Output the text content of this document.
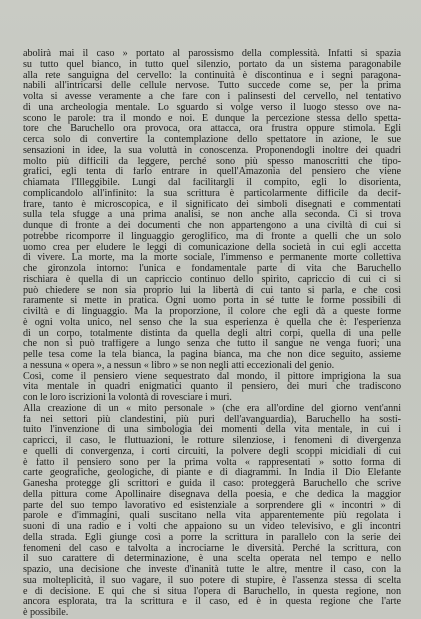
abolirà mai il caso » portato al parossismo della complessità. Infatti si spazia
su tutto quel bianco, in tutto quel silenzio, portato da un sistema paragonabile
alla rete sanguigna del cervello: la continuità è discontinua e i segni paragona-
nabili all'intricarsi delle cellule nervose. Tutto succede come se, per la prima
volta si avesse veramente a che fare con i palinsesti del cervello, nel tentativo
di una archeologia mentale. Lo sguardo si volge verso il luogo stesso ove na-
scono le parole: tra il mondo e noi. È dunque la percezione stessa dello spetta-
tore che Baruchello ora provoca, ora attacca, ora frustra oppure stimola. Egli
cerca solo di convertire la contemplazione dello spettatore in azione, le sue
sensazioni in idee, la sua voluttà in conoscenza. Proponendogli inoltre dei quadri
molto più difficili da leggere, perché sono più spesso manoscritti che tipo-
grafici, egli tenta di farlo entrare in quell'Amazonia del pensiero che viene
chiamata l'Illeggibile. Lungi dal facilitargli il compito, egli lo disorienta,
complicandolo all'infinito: la sua scrittura è particolarmente difficile da decif-
frare, tanto è microscopica, e il significato dei simboli disegnati e commentati
sulla tela sfugge a una prima analisi, se non anche alla seconda. Ci si trova
dunque di fronte a dei documenti che non appartengono a una civiltà di cui si
potrebbe ricomporre il linguaggio geroglifico, ma di fronte a quelli che un solo
uomo crea per eludere le leggi di comunicazione della società in cui egli accetta
di vivere. La morte, ma la morte sociale, l'immenso e permanente morte collettiva
che gironzola intorno: l'unica e fondamentale parte di vita che Baruchello
rischiara è quella di un capriccio continuo dello spirito, capriccio di cui ci si
può chiedere se non sia proprio lui la libertà di cui tanto si parla, e che così
raramente si mette in pratica. Ogni uomo porta in sé tutte le forme possibili di
civiltà e di linguaggio. Ma la proporzione, il colore che egli dà a queste forme
è ogni volta unico, nel senso che la sua esperienza è quella che è: l'esperienza
di un corpo, totalmente distinta da quella degli altri corpi, quella di una pelle
che non si può traffigere a lungo senza che tutto il sangue ne venga fuori; una
pelle tesa come la tela bianca, la pagina bianca, ma che non dice seguito, assieme
a nessuna « opera », a nessun « libro » se non negli atti eccezionali del genio.
Così, come il pensiero viene sequestrato dal mondo, il pittore imprigiona la sua
vita mentale in quadri enigmatici quanto il pensiero, dei muri che tradiscono
con le loro iscrizioni la volontà di rovesciare i muri.
Alla creazione di un « mito personale » (che era all'ordine del giorno vent'anni
fa nei settori più clandestini, più puri dell'avanguardia), Baruchello ha sosti-
tuito l'invenzione di una simbologia dei momenti della vita mentale, in cui i
capricci, il caso, le fluttuazioni, le rotture silenziose, i fenomeni di divergenza
e quelli di convergenza, i corti circuiti, la polvere degli scoppi micidiali di cui
è fatto il pensiero sono per la prima volta « rappresentati » sotto forma di
carte geografiche, geologiche, di piante e di diagrammi. In India il Dio Elefante
Ganesha protegge gli scrittori e guida il caso: proteggerà Baruchello che scrive
della pittura come Apollinaire disegnava della poesia, e che dedica la maggior
parte del suo tempo lavorativo ed esistenziale a sorprendere gli « incontri » di
parole e d'immagini, quali suscitano nella vita apparentemente più regolata i
suoni di una radio e i volti che appaiono su un video televisivo, e gli incontri
della strada. Egli giunge così a porre la scrittura in parallelo con la serie dei
fenomeni del caso e talvolta a incrociarne le diversità. Perché la scrittura, con
il suo carattere di determinazione, è una scelta operata nel tempo e nello
spazio, una decisione che investe d'inanità tutte le altre, mentre il caso, con la
sua molteplicità, il suo vagare, il suo potere di stupire, è l'assenza stessa di scelta
e di decisione. È qui che si situa l'opera di Baruchello, in questa regione, non
ancora esplorata, tra la scrittura e il caso, ed è in questa regione che l'arte
è possibile.
